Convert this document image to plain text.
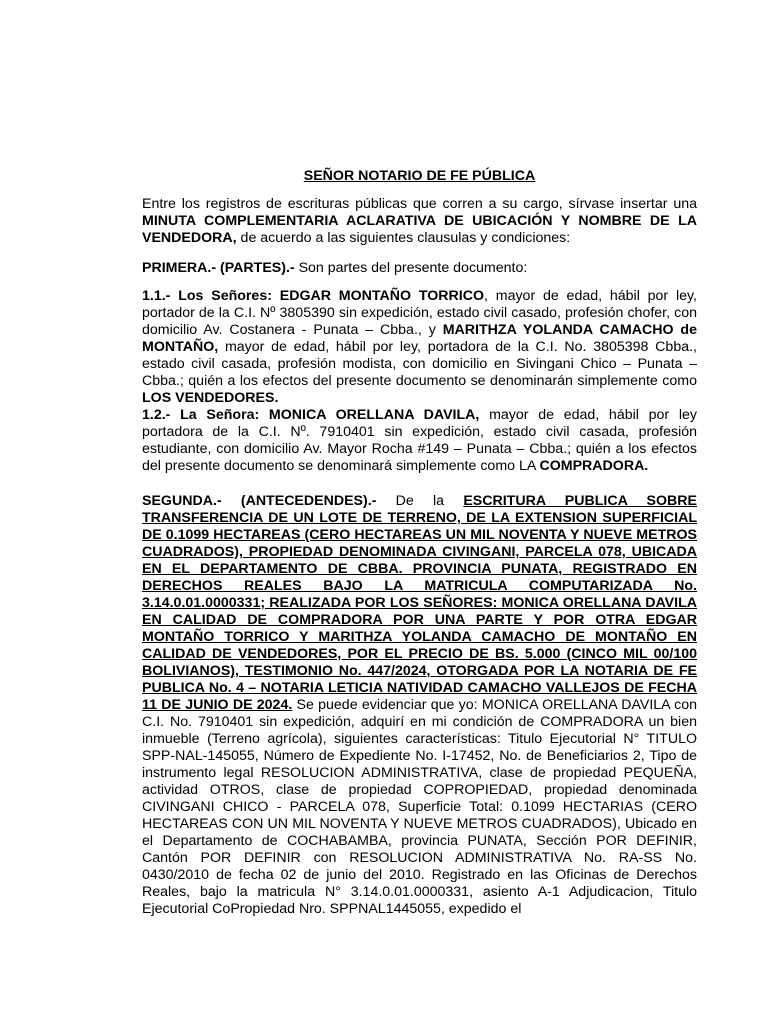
SEÑOR NOTARIO DE FE PÚBLICA

Entre los registros de escrituras públicas que corren a su cargo, sírvase insertar una MINUTA COMPLEMENTARIA ACLARATIVA DE UBICACIÓN Y NOMBRE DE LA VENDEDORA, de acuerdo a las siguientes clausulas y condiciones:

PRIMERA.- (PARTES).- Son partes del presente documento:

1.1.- Los Señores: EDGAR MONTAÑO TORRICO, mayor de edad, hábil por ley, portador de la C.I. Nº 3805390 sin expedición, estado civil casado, profesión chofer, con domicilio Av. Costanera - Punata – Cbba., y MARITHZA YOLANDA CAMACHO de MONTAÑO, mayor de edad, hábil por ley, portadora de la C.I. No. 3805398 Cbba., estado civil casada, profesión modista, con domicilio en Sivingani Chico – Punata – Cbba.; quién a los efectos del presente documento se denominarán simplemente como LOS VENDEDORES.

1.2.- La Señora: MONICA ORELLANA DAVILA, mayor de edad, hábil por ley portadora de la C.I. Nº. 7910401 sin expedición, estado civil casada, profesión estudiante, con domicilio Av. Mayor Rocha #149 – Punata – Cbba.; quién a los efectos del presente documento se denominará simplemente como LA COMPRADORA.

SEGUNDA.- (ANTECEDENDES).- De la ESCRITURA PUBLICA SOBRE TRANSFERENCIA DE UN LOTE DE TERRENO, DE LA EXTENSION SUPERFICIAL DE 0.1099 HECTAREAS (CERO HECTAREAS UN MIL NOVENTA Y NUEVE METROS CUADRADOS), PROPIEDAD DENOMINADA CIVINGANI, PARCELA 078, UBICADA EN EL DEPARTAMENTO DE CBBA. PROVINCIA PUNATA, REGISTRADO EN DERECHOS REALES BAJO LA MATRICULA COMPUTARIZADA No. 3.14.0.01.0000331; REALIZADA POR LOS SEÑORES: MONICA ORELLANA DAVILA EN CALIDAD DE COMPRADORA POR UNA PARTE Y POR OTRA EDGAR MONTAÑO TORRICO Y MARITHZA YOLANDA CAMACHO DE MONTAÑO EN CALIDAD DE VENDEDORES, POR EL PRECIO DE BS. 5.000 (CINCO MIL 00/100 BOLIVIANOS), TESTIMONIO No. 447/2024, OTORGADA POR LA NOTARIA DE FE PUBLICA No. 4 – NOTARIA LETICIA NATIVIDAD CAMACHO VALLEJOS DE FECHA 11 DE JUNIO DE 2024. Se puede evidenciar que yo: MONICA ORELLANA DAVILA con C.I. No. 7910401 sin expedición, adquirí en mi condición de COMPRADORA un bien inmueble (Terreno agrícola), siguientes características: Titulo Ejecutorial N° TITULO SPP-NAL-145055, Número de Expediente No. I-17452, No. de Beneficiarios 2, Tipo de instrumento legal RESOLUCION ADMINISTRATIVA, clase de propiedad PEQUEÑA, actividad OTROS, clase de propiedad COPROPIEDAD, propiedad denominada CIVINGANI CHICO - PARCELA 078, Superficie Total: 0.1099 HECTARIAS (CERO HECTAREAS CON UN MIL NOVENTA Y NUEVE METROS CUADRADOS), Ubicado en el Departamento de COCHABAMBA, provincia PUNATA, Sección POR DEFINIR, Cantón POR DEFINIR con RESOLUCION ADMINISTRATIVA No. RA-SS No. 0430/2010 de fecha 02 de junio del 2010. Registrado en las Oficinas de Derechos Reales, bajo la matricula N° 3.14.0.01.0000331, asiento A-1 Adjudicacion, Titulo Ejecutorial CoPropiedad Nro. SPPNAL1445055, expedido el
